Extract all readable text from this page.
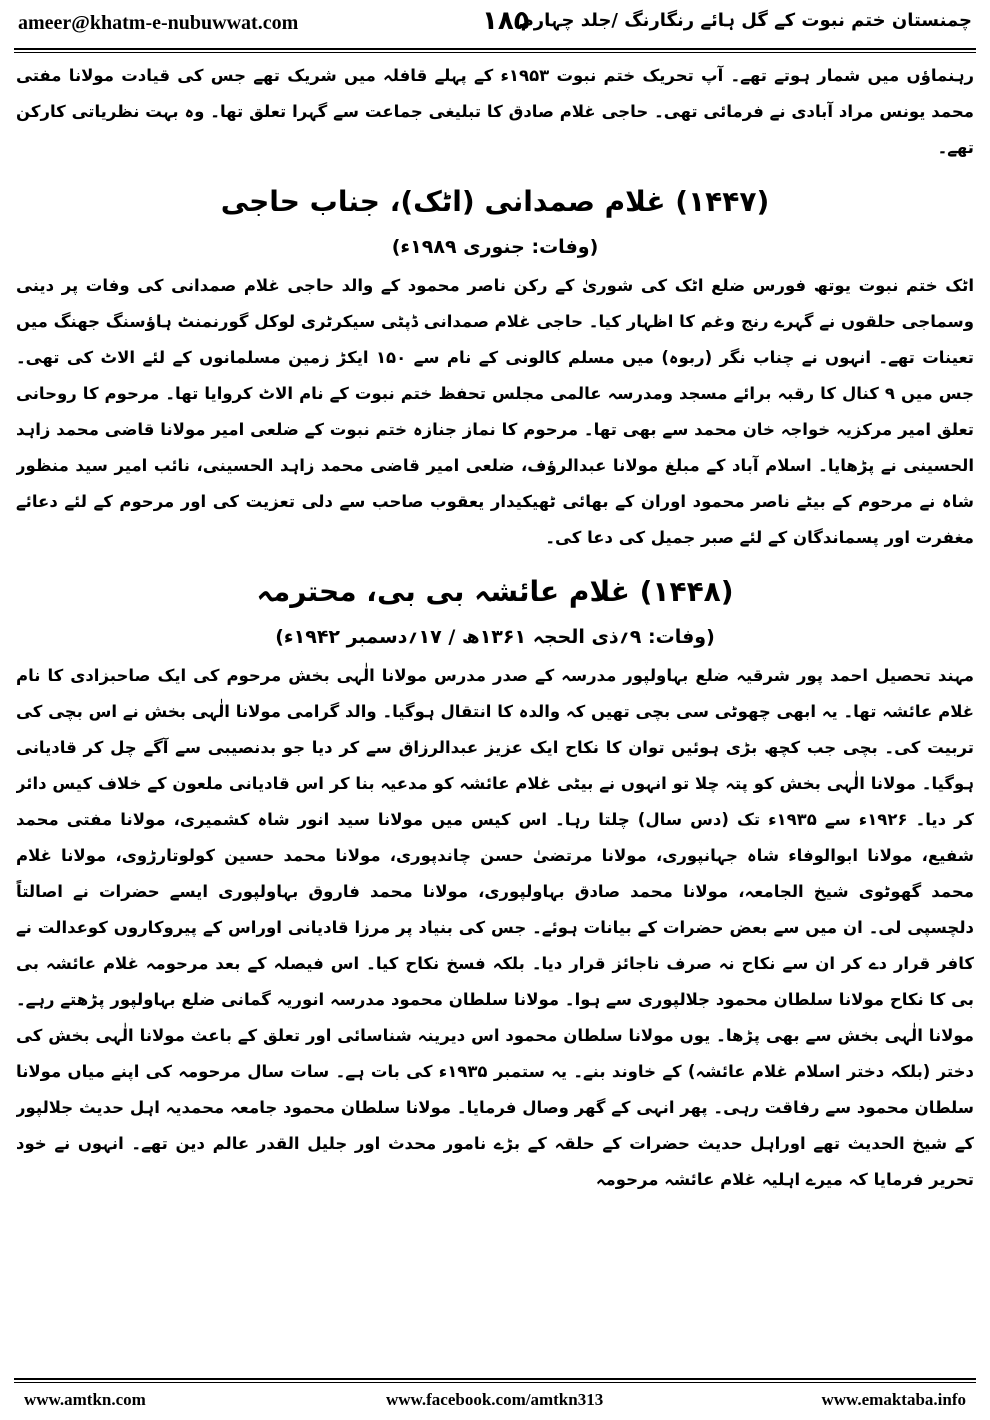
ameer@khatm-e-nubuwwat.com	۱۸۵
چمنستان ختم نبوت کے گل ہائے رنگارنگ /جلد چہارم

رہنماؤں میں شمار ہوتے تھے۔ آپ تحریک ختم نبوت ۱۹۵۳ء کے پہلے قافلہ میں شریک تھے جس کی قیادت مولانا مفتی محمد یونس مراد آبادی نے فرمائی تھی۔ حاجی غلام صادق کا تبلیغی جماعت سے گہرا تعلق تھا۔ وہ بہت نظریاتی کارکن تھے۔

(۱۴۴۷) غلام صمدانی (اٹک)، جناب حاجی
(وفات: جنوری ۱۹۸۹ء)

اٹک ختم نبوت یوتھ فورس ضلع اٹک کی شوریٰ کے رکن ناصر محمود کے والد حاجی غلام صمدانی کی وفات پر دینی وسماجی حلقوں نے گہرے رنج وغم کا اظہار کیا۔ حاجی غلام صمدانی ڈپٹی سیکرٹری لوکل گورنمنٹ ہاؤسنگ جھنگ میں تعینات تھے۔ انہوں نے چناب نگر (ربوہ) میں مسلم کالونی کے نام سے ۱۵۰ ایکڑ زمین مسلمانوں کے لئے الاٹ کی تھی۔ جس میں ۹ کنال کا رقبہ برائے مسجد ومدرسہ عالمی مجلس تحفظ ختم نبوت کے نام الاٹ کروایا تھا۔ مرحوم کا روحانی تعلق امیر مرکزیہ خواجہ خان محمد سے بھی تھا۔ مرحوم کا نماز جنازہ ختم نبوت کے ضلعی امیر مولانا قاضی محمد زاہد الحسینی نے پڑھایا۔ اسلام آباد کے مبلغ مولانا عبدالرؤف، ضلعی امیر قاضی محمد زاہد الحسینی، نائب امیر سید منظور شاہ نے مرحوم کے بیٹے ناصر محمود اوران کے بھائی ٹھیکیدار یعقوب صاحب سے دلی تعزیت کی اور مرحوم کے لئے دعائے مغفرت اور پسماندگان کے لئے صبر جمیل کی دعا کی۔

(۱۴۴۸) غلام عائشہ بی بی، محترمہ
(وفات: ۹؍ذی الحجہ ۱۳۶۱ھ / ۱۷؍دسمبر ۱۹۴۲ء)

مہند تحصیل احمد پور شرقیہ ضلع بہاولپور مدرسہ کے صدر مدرس مولانا الٰہی بخش مرحوم کی ایک صاحبزادی کا نام غلام عائشہ تھا۔ یہ ابھی چھوٹی سی بچی تھیں کہ والدہ کا انتقال ہوگیا۔ والد گرامی مولانا الٰہی بخش نے اس بچی کی تربیت کی۔ بچی جب کچھ بڑی ہوئیں توان کا نکاح ایک عزیز عبدالرزاق سے کر دیا جو بدنصیبی سے آگے چل کر قادیانی ہوگیا۔ مولانا الٰہی بخش کو پتہ چلا تو انہوں نے بیٹی غلام عائشہ کو مدعیہ بنا کر اس قادیانی ملعون کے خلاف کیس دائر کر دیا۔ ۱۹۲۶ء سے ۱۹۳۵ء تک (دس سال) چلتا رہا۔ اس کیس میں مولانا سید انور شاہ کشمیری، مولانا مفتی محمد شفیع، مولانا ابوالوفاء شاہ جہانپوری، مولانا مرتضیٰ حسن چاندپوری، مولانا محمد حسین کولوتارڑوی، مولانا غلام محمد گھوٹوی شیخ الجامعہ، مولانا محمد صادق بہاولپوری، مولانا محمد فاروق بہاولپوری ایسے حضرات نے اصالتاً دلچسپی لی۔ ان میں سے بعض حضرات کے بیانات ہوئے۔ جس کی بنیاد پر مرزا قادیانی اوراس کے پیروکاروں کوعدالت نے کافر قرار دے کر ان سے نکاح نہ صرف ناجائز قرار دیا۔ بلکہ فسخ نکاح کیا۔ اس فیصلہ کے بعد مرحومہ غلام عائشہ بی بی کا نکاح مولانا سلطان محمود جلالپوری سے ہوا۔ مولانا سلطان محمود مدرسہ انوریہ گمانی ضلع بہاولپور پڑھتے رہے۔ مولانا الٰہی بخش سے بھی پڑھا۔ یوں مولانا سلطان محمود اس دیرینہ شناسائی اور تعلق کے باعث مولانا الٰہی بخش کی دختر (بلکہ دختر اسلام غلام عائشہ) کے خاوند بنے۔ یہ ستمبر ۱۹۳۵ء کی بات ہے۔ سات سال مرحومہ کی اپنے میاں مولانا سلطان محمود سے رفاقت رہی۔ پھر انہی کے گھر وصال فرمایا۔ مولانا سلطان محمود جامعہ محمدیہ اہل حدیث جلالپور کے شیخ الحدیث تھے اوراہل حدیث حضرات کے حلقہ کے بڑے نامور محدث اور جلیل القدر عالم دین تھے۔ انہوں نے خود تحریر فرمایا کہ میرے اہلیہ غلام عائشہ مرحومہ

www.amtkn.com	www.facebook.com/amtkn313	www.emaktaba.info
